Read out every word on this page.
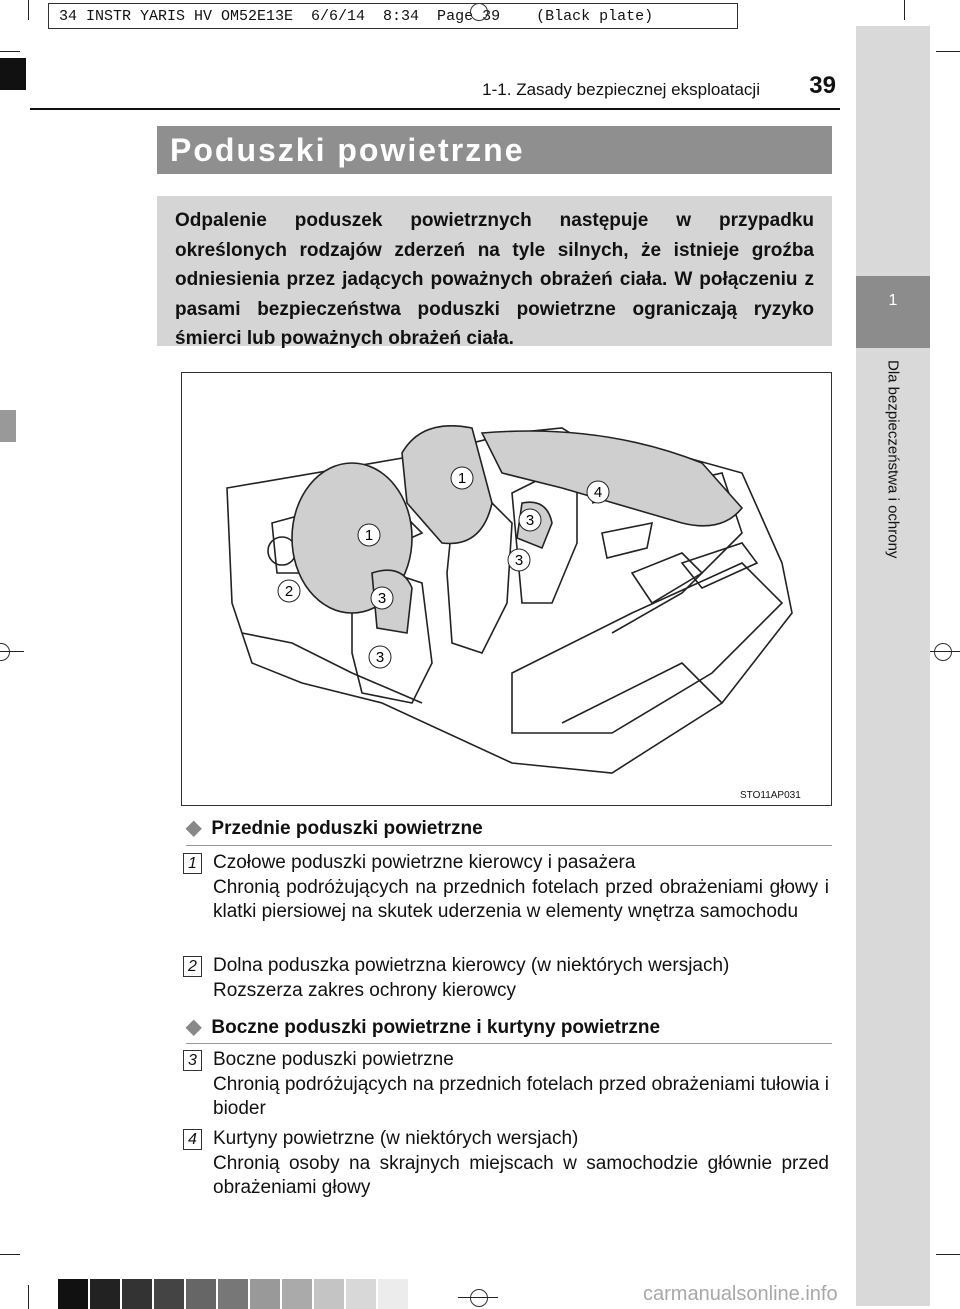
34 INSTR YARIS HV OM52E13E  6/6/14  8:34  Page 39    (Black plate)
1-1. Zasady bezpiecznej eksploatacji	39
1
Dla bezpieczeństwa i ochrony
Poduszki powietrzne
Odpalenie poduszek powietrznych następuje w przypadku określonych rodzajów zderzeń na tyle silnych, że istnieje groźba odniesienia przez jadących poważnych obrażeń ciała. W połączeniu z pasami bezpieczeństwa poduszki powietrzne ograniczają ryzyko śmierci lub poważnych obrażeń ciała.
1
1
2
3
3
3
3
4
STO11AP031
◆ Przednie poduszki powietrzne
1 Czołowe poduszki powietrzne kierowcy i pasażera
Chronią podróżujących na przednich fotelach przed obrażeniami głowy i klatki piersiowej na skutek uderzenia w elementy wnętrza samochodu
2 Dolna poduszka powietrzna kierowcy (w niektórych wersjach)
Rozszerza zakres ochrony kierowcy
◆ Boczne poduszki powietrzne i kurtyny powietrzne
3 Boczne poduszki powietrzne
Chronią podróżujących na przednich fotelach przed obrażeniami tułowia i bioder
4 Kurtyny powietrzne (w niektórych wersjach)
Chronią osoby na skrajnych miejscach w samochodzie głównie przed obrażeniami głowy
carmanualsonline.info
